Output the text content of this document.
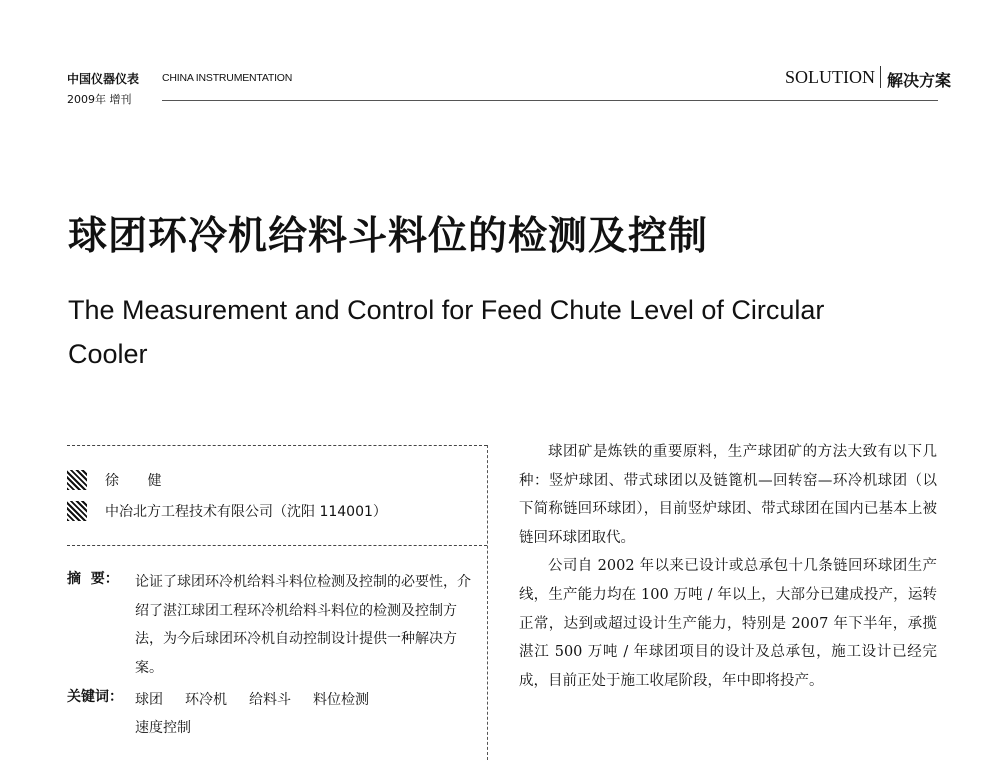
中国仪器仪表 CHINA INSTRUMENTATION
2009年 增刊
SOLUTION 解决方案
球团环冷机给料斗料位的检测及控制
The Measurement and Control for Feed Chute Level of Circular Cooler
徐 健
中冶北方工程技术有限公司（沈阳 114001）
摘  要： 论证了球团环冷机给料斗料位检测及控制的必要性，介绍了湛江球团工程环冷机给料斗料位的检测及控制方法，为今后球团环冷机自动控制设计提供一种解决方案。
关键词： 球团 环冷机 给料斗 料位检测
速度控制

球团矿是炼铁的重要原料，生产球团矿的方法大致有以下几种：竖炉球团、带式球团以及链篦机—回转窑—环冷机球团（以下简称链回环球团），目前竖炉球团、带式球团在国内已基本上被链回环球团取代。

公司自 2002 年以来已设计或总承包十几条链回环球团生产线，生产能力均在 100 万吨 / 年以上，大部分已建成投产，运转正常，达到或超过设计生产能力，特别是 2007 年下半年，承揽湛江 500 万吨 / 年球团项目的设计及总承包，施工设计已经完成，目前正处于施工收尾阶段，年中即将投产。
